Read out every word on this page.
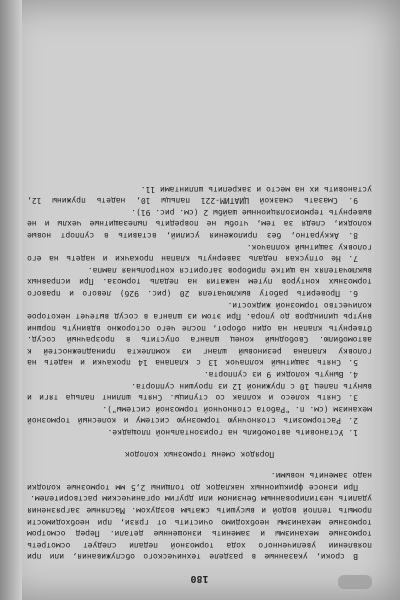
180

В сроки, указанные в разделе технического обслуживания, или при появлении увеличенного хода тормозной педали следует осмотреть тормозные механизмы и заменить изношенные детали. Перед осмотром тормозные механизмы необходимо очистить от грязи, при необходимости промыть теплой водой и высушить сжатым воздухом. Масляные загрязнения удалить неэтилированным бензином или другим органическим растворителем.

При износе фрикционных накладок до толщины 2,5 мм тормозные колодки надо заменить новыми.

Порядок смены тормозных колодок

1. Установить автомобиль на горизонтальной площадке.

2. Растормозить стояночную тормозную систему и колесный тормозной механизм (см. п. "Работа стояночной тормозной системы").

3. Снять колесо и колпак со ступицы. Снять шплинт пальца тяги и вынуть палец 10 с пружиной 12 из проушин суппорта.

4. Вынуть колодки 9 из суппорта.

5. Снять защитный колпачок 13 с клапана 14 прокачки и надеть на головку клапана резиновый шланг из комплекта принадлежностей к автомобилю. Свободный конец шланга опустить в прозрачный сосуд. Отвернуть клапан на один оборот, после чего осторожно вдвинуть поршни внутрь цилиндров до упора. При этом из шланга в сосуд вытечет некоторое количество тормозной жидкости.

6. Проверить работу выключателя 20 (рис. 92б) левого и правого тормозных контуров путем нажатия на педаль тормоза. При исправных выключателях на щитке приборов загорится контрольная лампа.

7. Не отпуская педаль завернуть клапан прокачки и надеть на его головку защитный колпачок.

8. Аккуратно, без приложения усилий, вставить в суппорт новые колодки, следя за тем, чтобы не повредить пылезащитные чехлы и не вывернуть термоизоляционные шайбы 2 (см. рис. 91).

9. Смазать смазкой ЦИАТИМ-221 пальцы 10, надеть пружины 12, установить их на место и закрепить шплинтами 11.
